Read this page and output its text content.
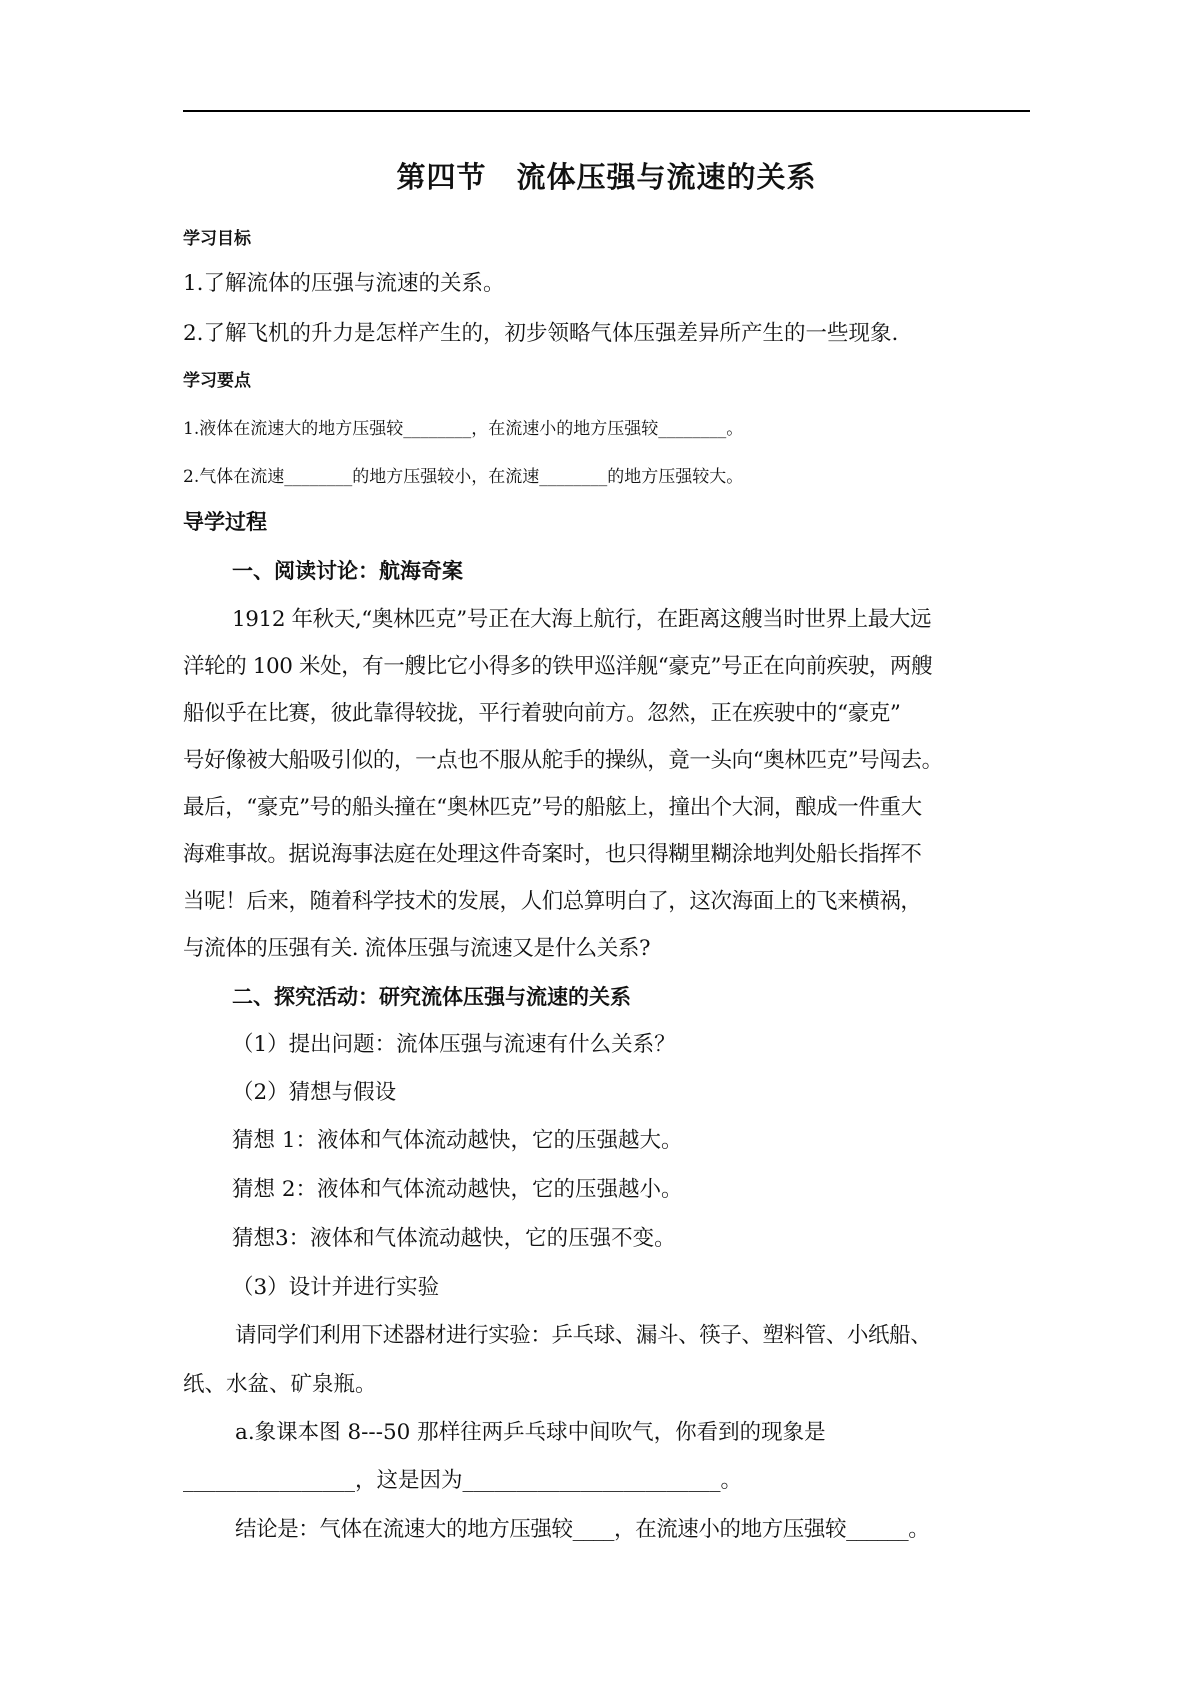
第四节　流体压强与流速的关系
学习目标
1.了解流体的压强与流速的关系。
2.了解飞机的升力是怎样产生的，初步领略气体压强差异所产生的一些现象.
学习要点
1.液体在流速大的地方压强较________，在流速小的地方压强较________。
2.气体在流速________的地方压强较小，在流速________的地方压强较大。
导学过程
一、阅读讨论：航海奇案
1912 年秋天,“奥林匹克”号正在大海上航行，在距离这艘当时世界上最大远
洋轮的 100 米处，有一艘比它小得多的铁甲巡洋舰“豪克”号正在向前疾驶，两艘
船似乎在比赛，彼此靠得较拢，平行着驶向前方。忽然，正在疾驶中的“豪克”
号好像被大船吸引似的，一点也不服从舵手的操纵，竟一头向“奥林匹克”号闯去。
最后，“豪克”号的船头撞在“奥林匹克”号的船舷上，撞出个大洞，酿成一件重大
海难事故。据说海事法庭在处理这件奇案时，也只得糊里糊涂地判处船长指挥不
当呢！后来，随着科学技术的发展，人们总算明白了，这次海面上的飞来横祸，
与流体的压强有关. 流体压强与流速又是什么关系?
二、探究活动：研究流体压强与流速的关系
（1）提出问题：流体压强与流速有什么关系？
（2）猜想与假设
猜想 1：液体和气体流动越快，它的压强越大。
猜想 2：液体和气体流动越快，它的压强越小。
猜想3：液体和气体流动越快，它的压强不变。
（3）设计并进行实验
请同学们利用下述器材进行实验：乒乓球、漏斗、筷子、塑料管、小纸船、
纸、水盆、矿泉瓶。
a.象课本图 8---50 那样往两乒乓球中间吹气，你看到的现象是
________________，这是因为________________________。
结论是：气体在流速大的地方压强较____，在流速小的地方压强较______。
